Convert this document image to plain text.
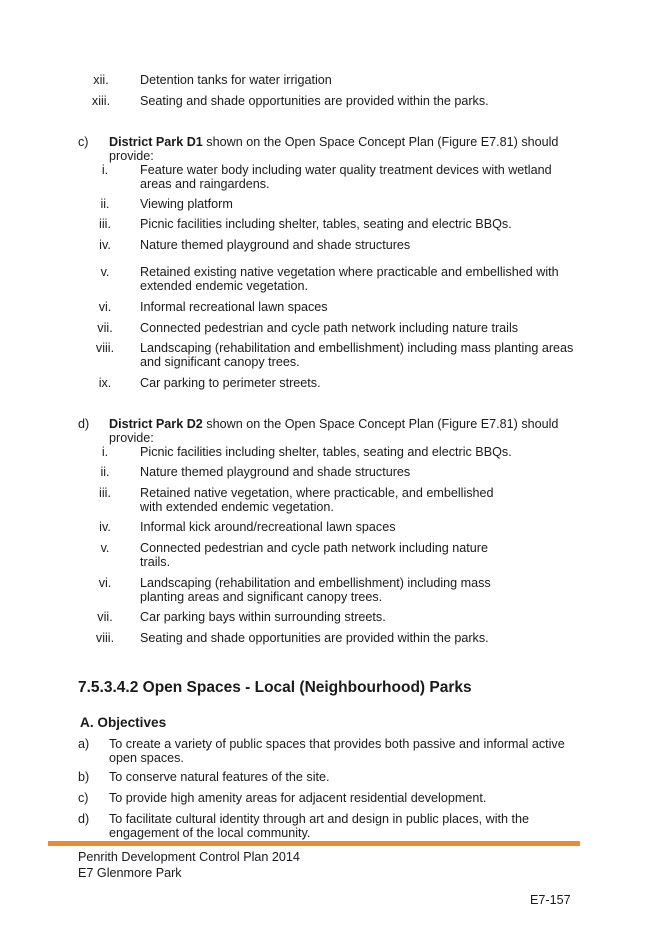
xii.	Detention tanks for water irrigation
xiii.	Seating and shade opportunities are provided within the parks.
c) District Park D1 shown on the Open Space Concept Plan (Figure E7.81) should
provide:
i.	Feature water body including water quality treatment devices with wetland
areas and raingardens.
ii.	Viewing platform
iii.	Picnic facilities including shelter, tables, seating and electric BBQs.
iv.	Nature themed playground and shade structures
v.	Retained existing native vegetation where practicable and embellished with
extended endemic vegetation.
vi.	Informal recreational lawn spaces
vii.	Connected pedestrian and cycle path network including nature trails
viii.	Landscaping (rehabilitation and embellishment) including mass planting areas
and significant canopy trees.
ix.	Car parking to perimeter streets.
d) District Park D2 shown on the Open Space Concept Plan (Figure E7.81) should
provide:
i.	Picnic facilities including shelter, tables, seating and electric BBQs.
ii.	Nature themed playground and shade structures
iii.	Retained native vegetation, where practicable, and embellished
with extended endemic vegetation.
iv.	Informal kick around/recreational lawn spaces
v.	Connected pedestrian and cycle path network including nature
trails.
vi.	Landscaping (rehabilitation and embellishment) including mass
planting areas and significant canopy trees.
vii.	Car parking bays within surrounding streets.
viii.	Seating and shade opportunities are provided within the parks.
7.5.3.4.2 Open Spaces - Local (Neighbourhood) Parks
A. Objectives
a) To create a variety of public spaces that provides both passive and informal active
open spaces.
b) To conserve natural features of the site.
c) To provide high amenity areas for adjacent residential development.
d) To facilitate cultural identity through art and design in public places, with the
engagement of the local community.
Penrith Development Control Plan 2014
E7 Glenmore Park
E7-157
